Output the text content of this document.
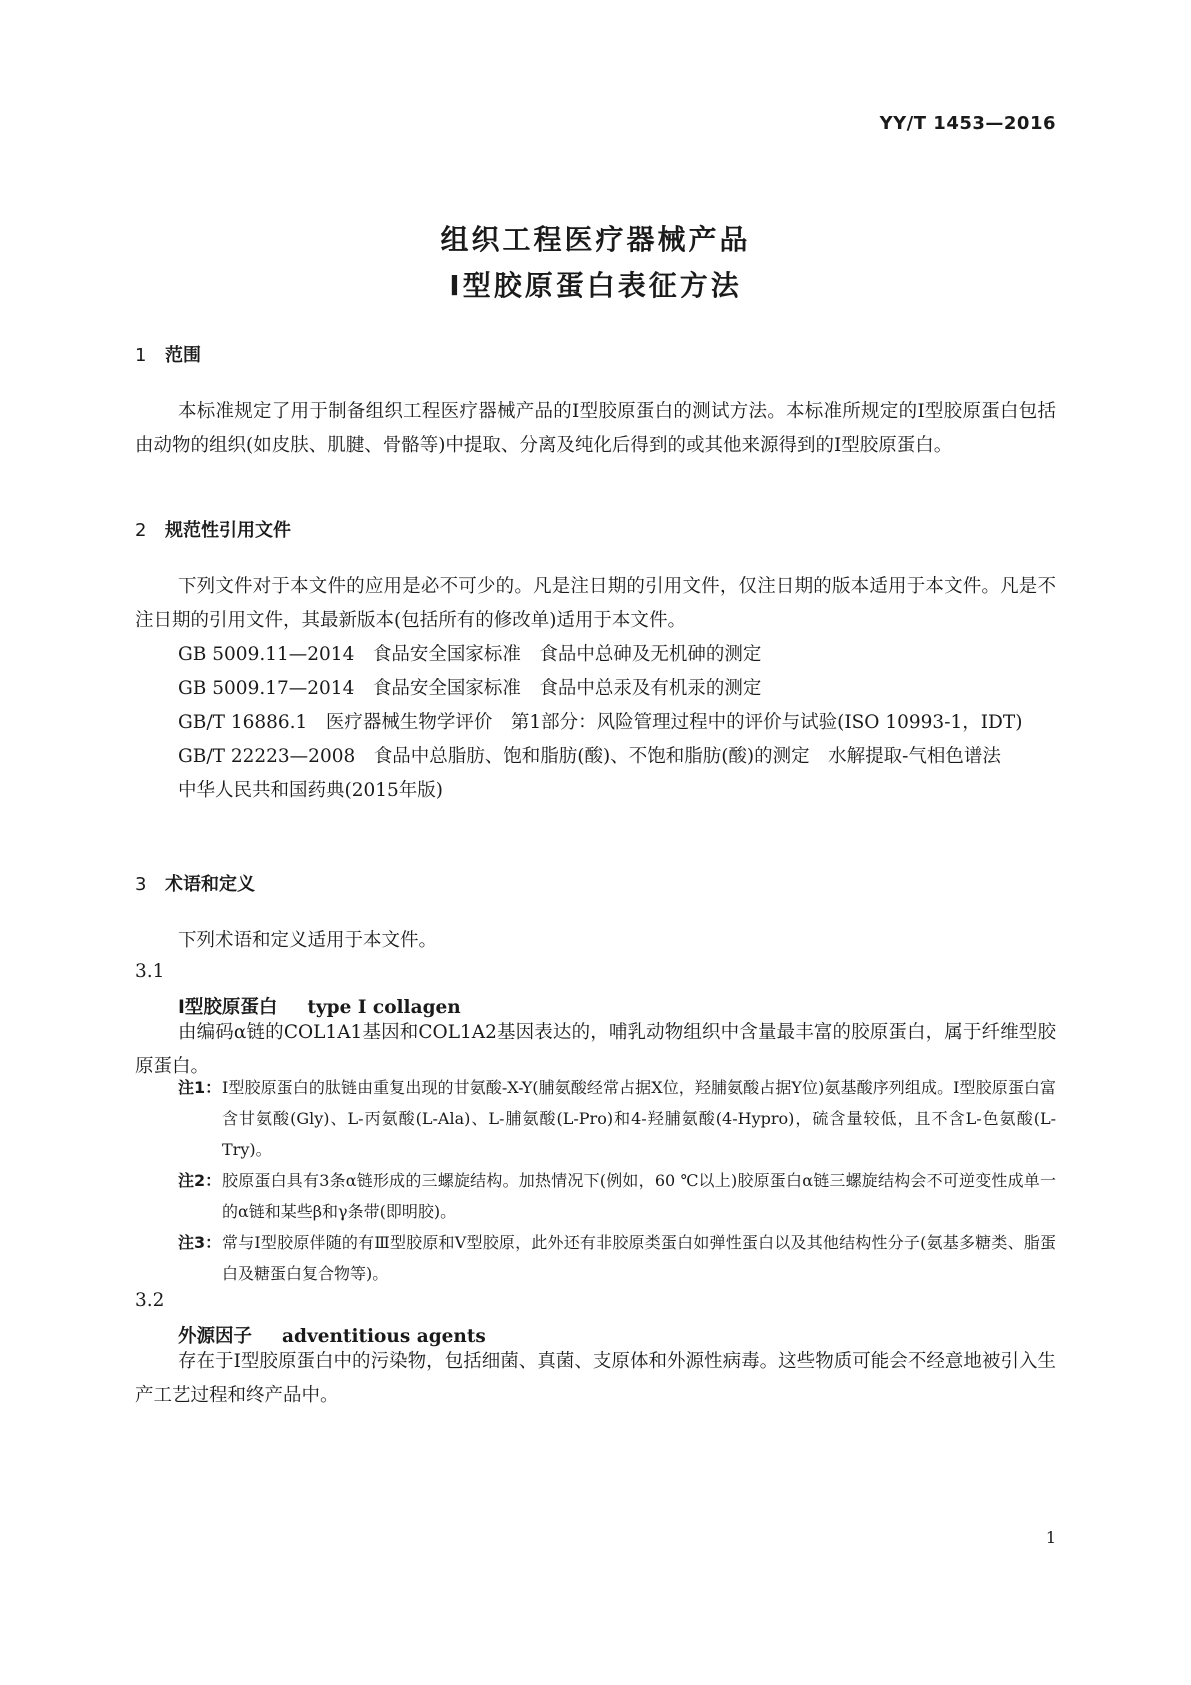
YY/T 1453—2016
组织工程医疗器械产品
Ⅰ型胶原蛋白表征方法
1 范围

本标准规定了用于制备组织工程医疗器械产品的Ⅰ型胶原蛋白的测试方法。本标准所规定的Ⅰ型胶原蛋白包括由动物的组织(如皮肤、肌腱、骨骼等)中提取、分离及纯化后得到的或其他来源得到的Ⅰ型胶原蛋白。

2 规范性引用文件

下列文件对于本文件的应用是必不可少的。凡是注日期的引用文件，仅注日期的版本适用于本文件。凡是不注日期的引用文件，其最新版本(包括所有的修改单)适用于本文件。

GB 5009.11—2014　食品安全国家标准　食品中总砷及无机砷的测定

GB 5009.17—2014　食品安全国家标准　食品中总汞及有机汞的测定

GB/T 16886.1　医疗器械生物学评价　第1部分：风险管理过程中的评价与试验(ISO 10993-1，IDT)

GB/T 22223—2008　食品中总脂肪、饱和脂肪(酸)、不饱和脂肪(酸)的测定　水解提取-气相色谱法

中华人民共和国药典(2015年版)

3 术语和定义

下列术语和定义适用于本文件。

3.1
Ⅰ型胶原蛋白 type Ⅰ collagen

由编码α链的COL1A1基因和COL1A2基因表达的，哺乳动物组织中含量最丰富的胶原蛋白，属于纤维型胶原蛋白。

注1： Ⅰ型胶原蛋白的肽链由重复出现的甘氨酸-X-Y(脯氨酸经常占据X位，羟脯氨酸占据Y位)氨基酸序列组成。Ⅰ型胶原蛋白富含甘氨酸(Gly)、L-丙氨酸(L-Ala)、L-脯氨酸(L-Pro)和4-羟脯氨酸(4-Hypro)，硫含量较低，且不含L-色氨酸(L-Try)。
注2： 胶原蛋白具有3条α链形成的三螺旋结构。加热情况下(例如，60 ℃以上)胶原蛋白α链三螺旋结构会不可逆变性成单一的α链和某些β和γ条带(即明胶)。
注3： 常与Ⅰ型胶原伴随的有Ⅲ型胶原和Ⅴ型胶原，此外还有非胶原类蛋白如弹性蛋白以及其他结构性分子(氨基多糖类、脂蛋白及糖蛋白复合物等)。
3.2
外源因子 adventitious agents

存在于Ⅰ型胶原蛋白中的污染物，包括细菌、真菌、支原体和外源性病毒。这些物质可能会不经意地被引入生产工艺过程和终产品中。

1
